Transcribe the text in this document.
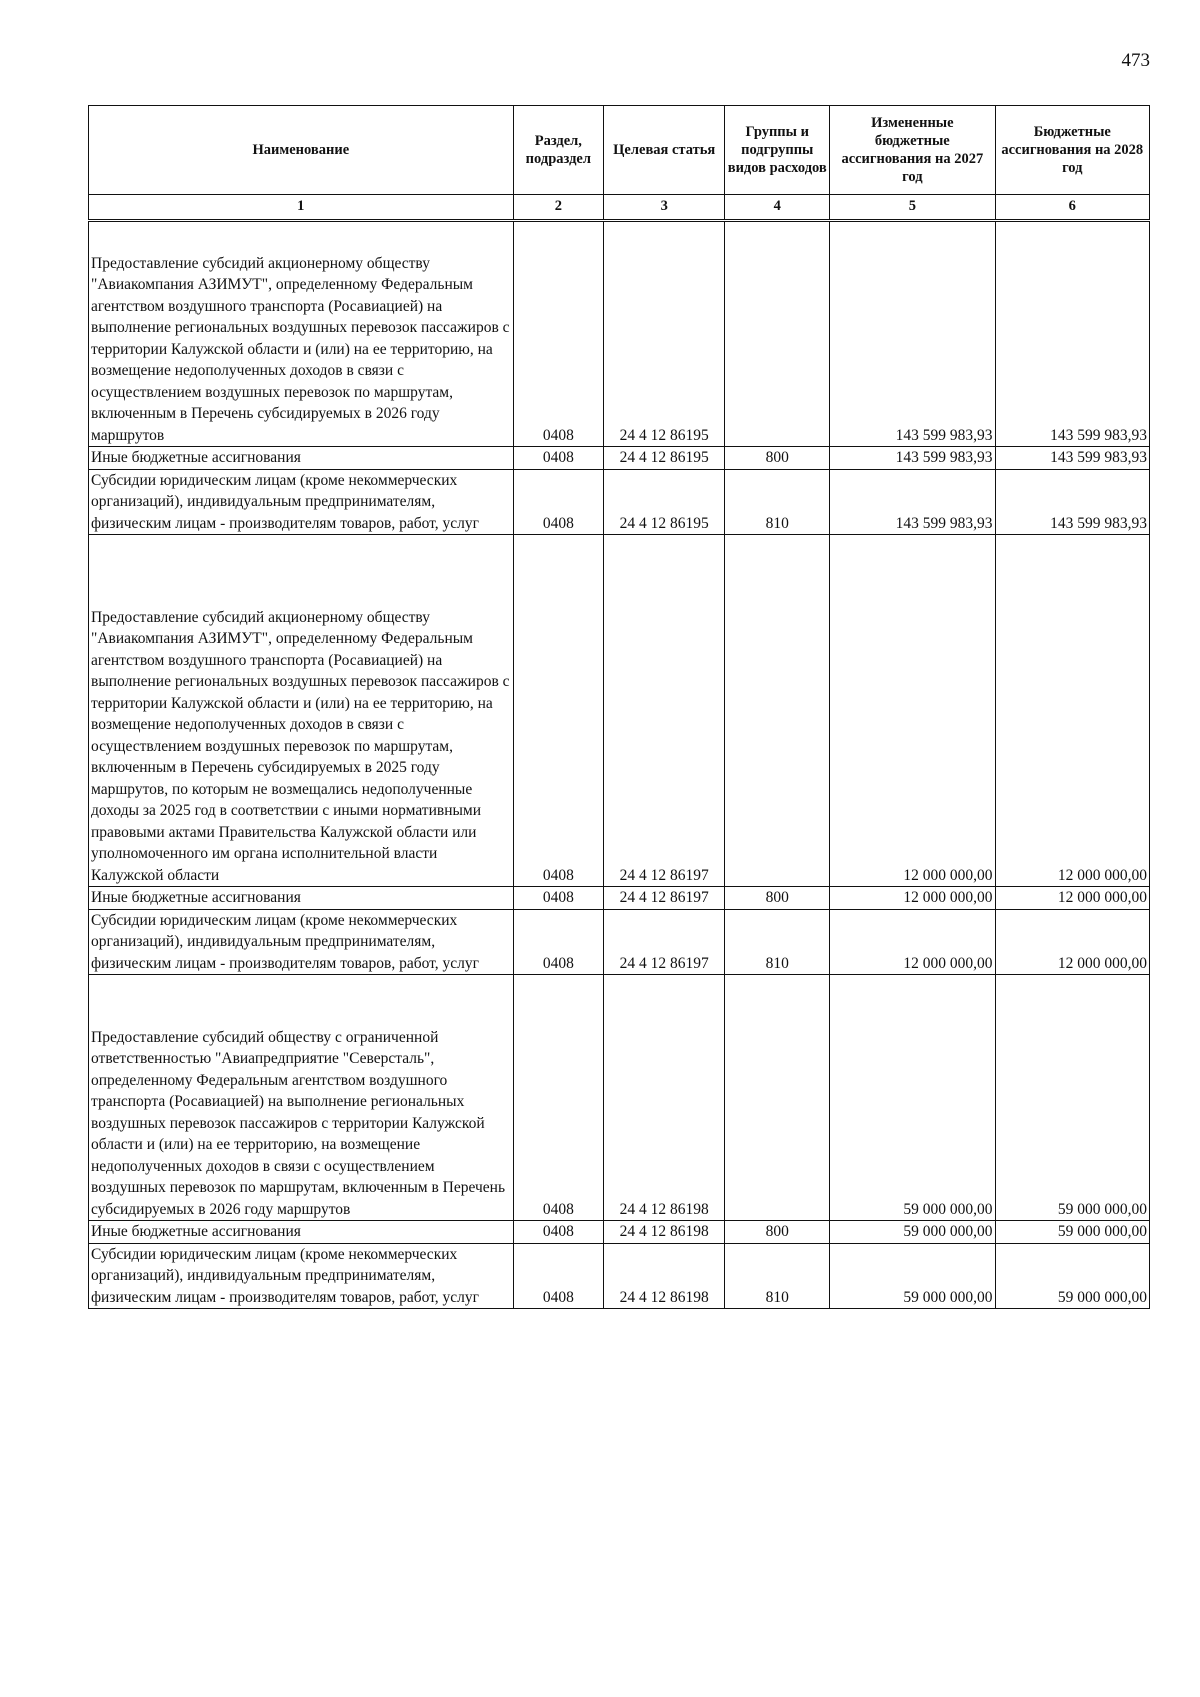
473
Наименование	Раздел, подраздел	Целевая статья	Группы и подгруппы видов расходов	Измененные бюджетные ассигнования на 2027 год	Бюджетные ассигнования на 2028 год
1	2	3	4	5	6
Предоставление субсидий акционерному обществу "Авиакомпания АЗИМУТ", определенному Федеральным агентством воздушного транспорта (Росавиацией) на выполнение региональных воздушных перевозок пассажиров с территории Калужской области и (или) на ее территорию, на возмещение недополученных доходов в связи с осуществлением воздушных перевозок по маршрутам, включенным в Перечень субсидируемых в 2026 году маршрутов	0408	24 4 12 86195		143 599 983,93	143 599 983,93
Иные бюджетные ассигнования	0408	24 4 12 86195	800	143 599 983,93	143 599 983,93
Субсидии юридическим лицам (кроме некоммерческих организаций), индивидуальным предпринимателям, физическим лицам - производителям товаров, работ, услуг	0408	24 4 12 86195	810	143 599 983,93	143 599 983,93
Предоставление субсидий акционерному обществу "Авиакомпания АЗИМУТ", определенному Федеральным агентством воздушного транспорта (Росавиацией) на выполнение региональных воздушных перевозок пассажиров с территории Калужской области и (или) на ее территорию, на возмещение недополученных доходов в связи с осуществлением воздушных перевозок по маршрутам, включенным в Перечень субсидируемых в 2025 году маршрутов, по которым не возмещались недополученные доходы за 2025 год в соответствии с иными нормативными правовыми актами Правительства Калужской области или уполномоченного им органа исполнительной власти Калужской области	0408	24 4 12 86197		12 000 000,00	12 000 000,00
Иные бюджетные ассигнования	0408	24 4 12 86197	800	12 000 000,00	12 000 000,00
Субсидии юридическим лицам (кроме некоммерческих организаций), индивидуальным предпринимателям, физическим лицам - производителям товаров, работ, услуг	0408	24 4 12 86197	810	12 000 000,00	12 000 000,00
Предоставление субсидий обществу с ограниченной ответственностью "Авиапредприятие "Северсталь", определенному Федеральным агентством воздушного транспорта (Росавиацией) на выполнение региональных воздушных перевозок пассажиров с территории Калужской области и (или) на ее территорию, на возмещение недополученных доходов в связи с осуществлением воздушных перевозок по маршрутам, включенным в Перечень субсидируемых в 2026 году маршрутов	0408	24 4 12 86198		59 000 000,00	59 000 000,00
Иные бюджетные ассигнования	0408	24 4 12 86198	800	59 000 000,00	59 000 000,00
Субсидии юридическим лицам (кроме некоммерческих организаций), индивидуальным предпринимателям, физическим лицам - производителям товаров, работ, услуг	0408	24 4 12 86198	810	59 000 000,00	59 000 000,00
